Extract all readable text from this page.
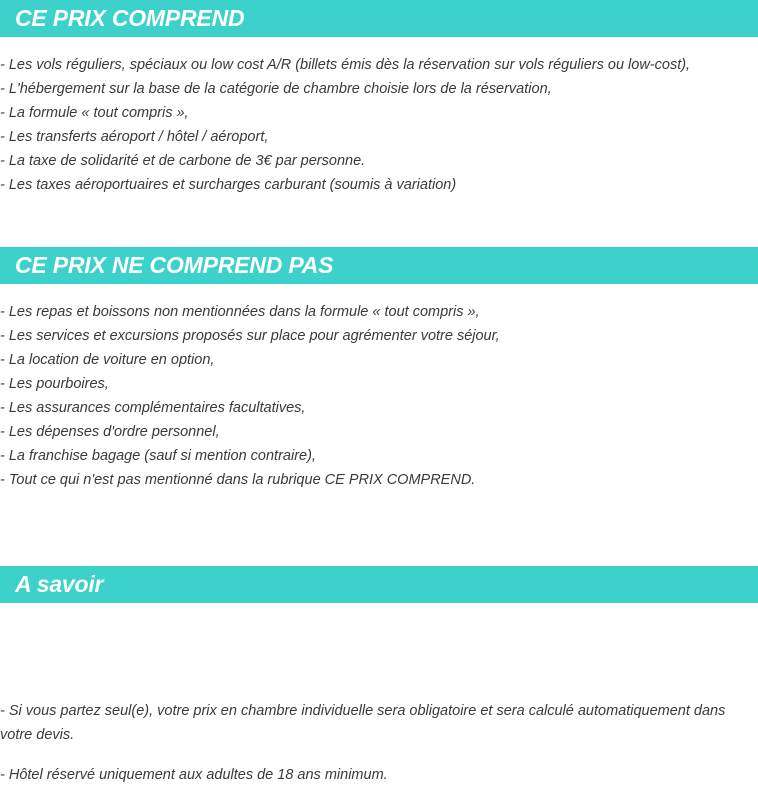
CE PRIX COMPREND
- Les vols réguliers, spéciaux ou low cost A/R (billets émis dès la réservation sur vols réguliers ou low-cost),
- L'hébergement sur la base de la catégorie de chambre choisie lors de la réservation,
- La formule « tout compris »,
- Les transferts aéroport / hôtel / aéroport,
- La taxe de solidarité et de carbone de 3€ par personne.
- Les taxes aéroportuaires et surcharges carburant (soumis à variation)
CE PRIX NE COMPREND PAS
- Les repas et boissons non mentionnées dans la formule « tout compris »,
- Les services et excursions proposés sur place pour agrémenter votre séjour,
- La location de voiture en option,
- Les pourboires,
- Les assurances complémentaires facultatives,
- Les dépenses d'ordre personnel,
- La franchise bagage (sauf si mention contraire),
- Tout ce qui n'est pas mentionné dans la rubrique CE PRIX COMPREND.
A savoir

- Si vous partez seul(e), votre prix en chambre individuelle sera obligatoire et sera calculé automatiquement dans votre devis.

- Hôtel réservé uniquement aux adultes de 18 ans minimum.
